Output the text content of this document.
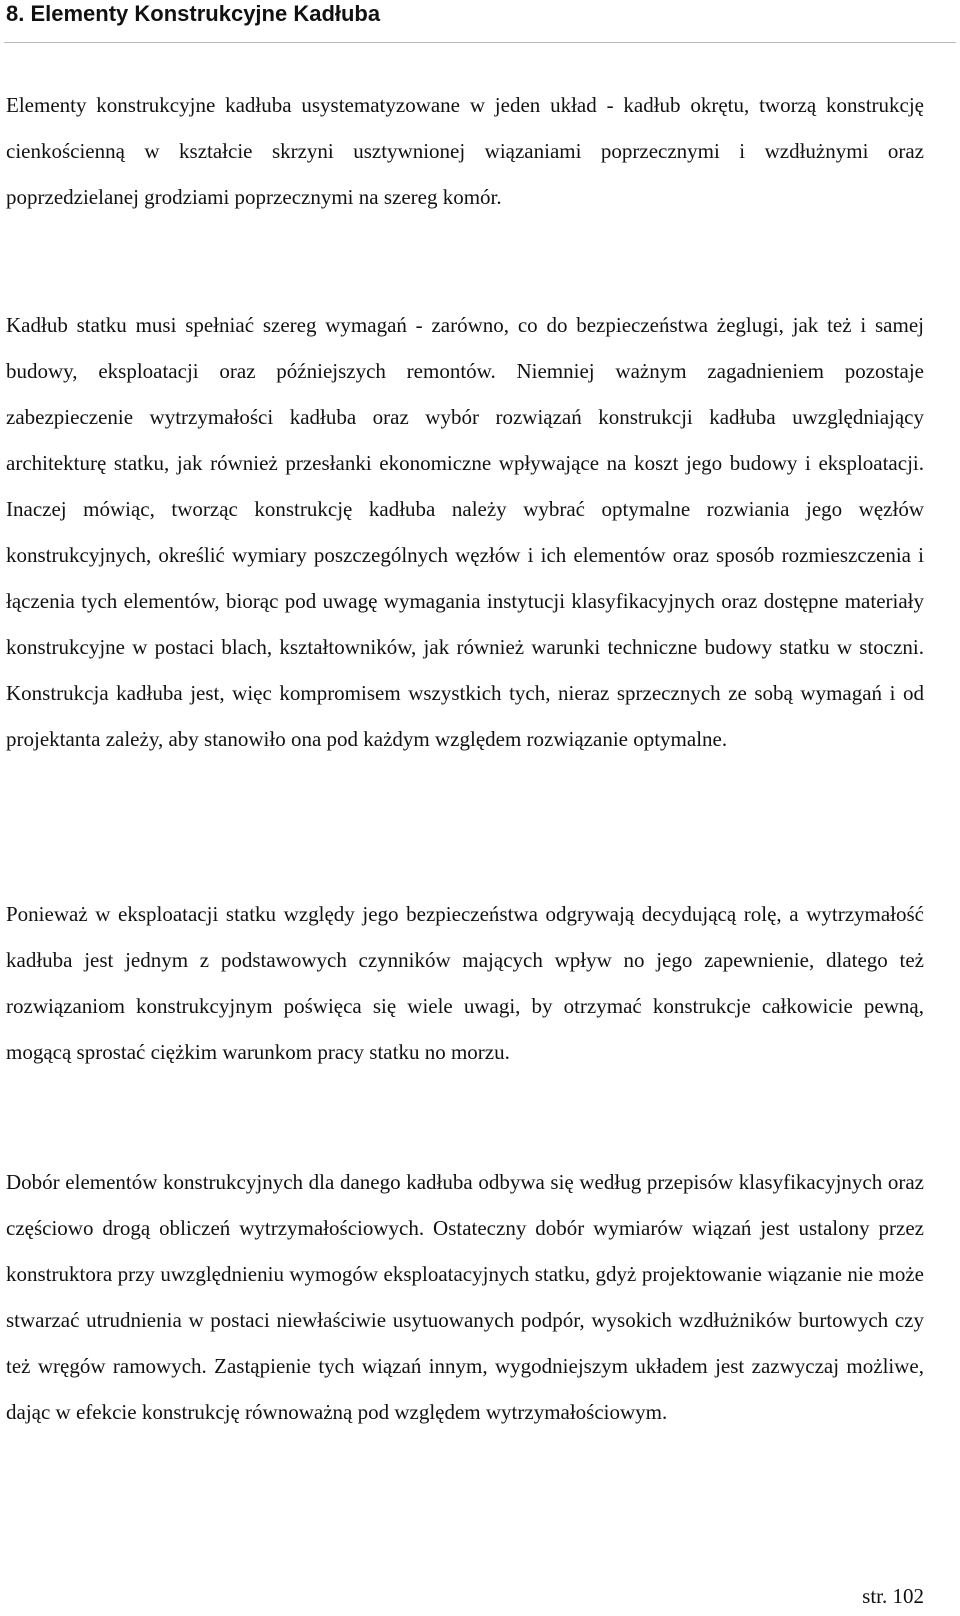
8. Elementy Konstrukcyjne Kadłuba

Elementy konstrukcyjne kadłuba usystematyzowane w jeden układ - kadłub okrętu, tworzą konstrukcję cienkościenną w kształcie skrzyni usztywnionej wiązaniami poprzecznymi i wzdłużnymi oraz poprzedzielanej grodziami poprzecznymi na szereg komór.

Kadłub statku musi spełniać szereg wymagań - zarówno, co do bezpieczeństwa żeglugi, jak też i samej budowy, eksploatacji oraz późniejszych remontów. Niemniej ważnym zagadnieniem pozostaje zabezpieczenie wytrzymałości kadłuba oraz wybór rozwiązań konstrukcji kadłuba uwzględniający architekturę statku, jak również przesłanki ekonomiczne wpływające na koszt jego budowy i eksploatacji. Inaczej mówiąc, tworząc konstrukcję kadłuba należy wybrać optymalne rozwiania jego węzłów konstrukcyjnych, określić wymiary poszczególnych węzłów i ich elementów oraz sposób rozmieszczenia i łączenia tych elementów, biorąc pod uwagę wymagania instytucji klasyfikacyjnych oraz dostępne materiały konstrukcyjne w postaci blach, kształtowników, jak również warunki techniczne budowy statku w stoczni. Konstrukcja kadłuba jest, więc kompromisem wszystkich tych, nieraz sprzecznych ze sobą wymagań i od projektanta zależy, aby stanowiło ona pod każdym względem rozwiązanie optymalne.

Ponieważ w eksploatacji statku względy jego bezpieczeństwa odgrywają decydującą rolę, a wytrzymałość kadłuba jest jednym z podstawowych czynników mających wpływ no jego zapewnienie, dlatego też rozwiązaniom konstrukcyjnym poświęca się wiele uwagi, by otrzymać konstrukcje całkowicie pewną, mogącą sprostać ciężkim warunkom pracy statku no morzu.

Dobór elementów konstrukcyjnych dla danego kadłuba odbywa się według przepisów klasyfikacyjnych oraz częściowo drogą obliczeń wytrzymałościowych. Ostateczny dobór wymiarów wiązań jest ustalony przez konstruktora przy uwzględnieniu wymogów eksploatacyjnych statku, gdyż projektowanie wiązanie nie może stwarzać utrudnienia w postaci niewłaściwie usytuowanych podpór, wysokich wzdłużników burtowych czy też wręgów ramowych. Zastąpienie tych wiązań innym, wygodniejszym układem jest zazwyczaj możliwe, dając w efekcie konstrukcję równoważną pod względem wytrzymałościowym.

str. 102
